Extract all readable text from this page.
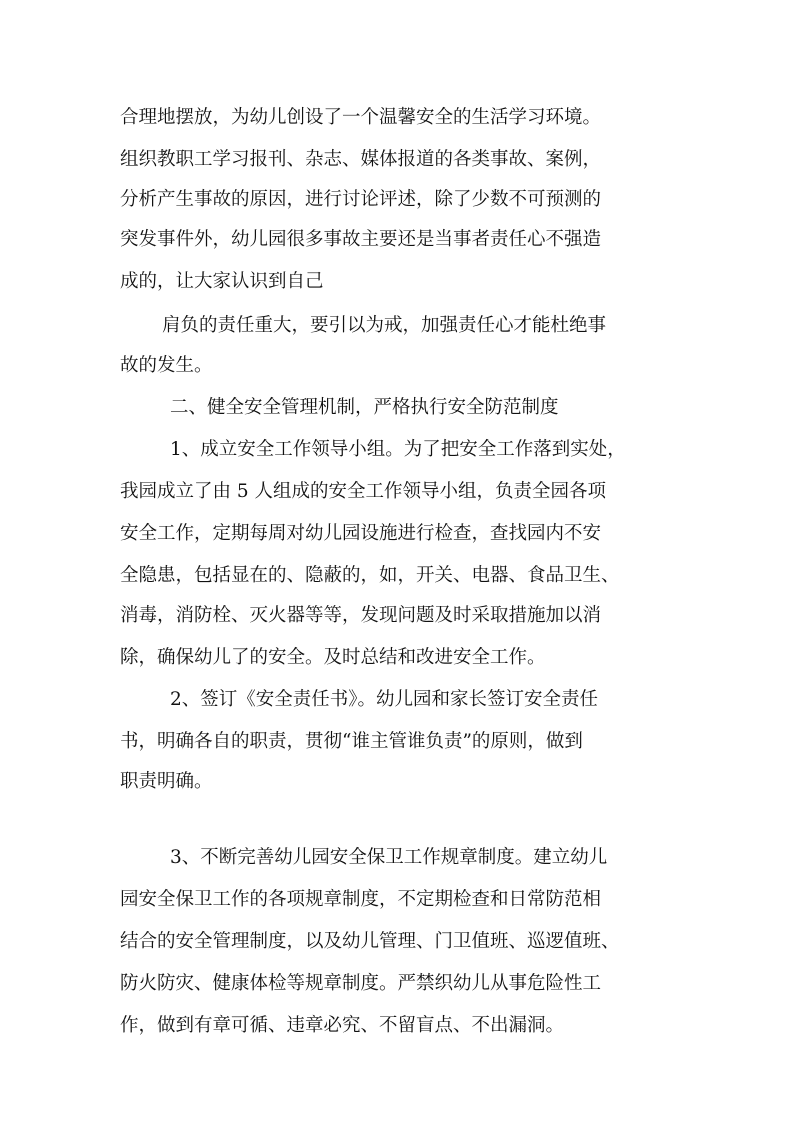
合理地摆放，为幼儿创设了一个温馨安全的生活学习环境。

组织教职工学习报刊、杂志、媒体报道的各类事故、案例，

分析产生事故的原因，进行讨论评述，除了少数不可预测的

突发事件外，幼儿园很多事故主要还是当事者责任心不强造

成的，让大家认识到自己

肩负的责任重大，要引以为戒，加强责任心才能杜绝事

故的发生。

二、健全安全管理机制，严格执行安全防范制度

1、成立安全工作领导小组。为了把安全工作落到实处，

我园成立了由 5 人组成的安全工作领导小组，负责全园各项

安全工作，定期每周对幼儿园设施进行检查，查找园内不安

全隐患，包括显在的、隐蔽的，如，开关、电器、食品卫生、

消毒，消防栓、灭火器等等，发现问题及时采取措施加以消

除，确保幼儿了的安全。及时总结和改进安全工作。

2、签订《安全责任书》。幼儿园和家长签订安全责任

书，明确各自的职责，贯彻“谁主管谁负责”的原则，做到

职责明确。

3、不断完善幼儿园安全保卫工作规章制度。建立幼儿

园安全保卫工作的各项规章制度，不定期检查和日常防范相

结合的安全管理制度，以及幼儿管理、门卫值班、巡逻值班、

防火防灾、健康体检等规章制度。严禁织幼儿从事危险性工

作，做到有章可循、违章必究、不留盲点、不出漏洞。
